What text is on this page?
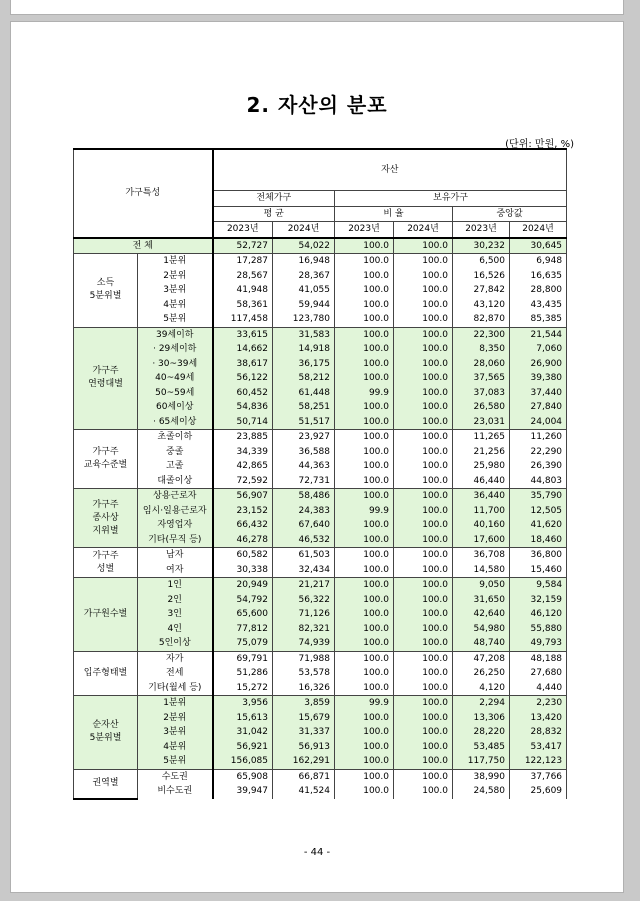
2. 자산의 분포
(단위: 만원, %)
가구특성		자산					
		전체가구		보유가구			
		평 균		비 율		중앙값	
		2023년	2024년	2023년	2024년	2023년	2024년
전 체		52,727	54,022	100.0	100.0	30,232	30,645
소득
5분위별	1분위	17,287	16,948	100.0	100.0	6,500	6,948
	2분위	28,567	28,367	100.0	100.0	16,526	16,635
	3분위	41,948	41,055	100.0	100.0	27,842	28,800
	4분위	58,361	59,944	100.0	100.0	43,120	43,435
	5분위	117,458	123,780	100.0	100.0	82,870	85,385
가구주
연령대별	39세이하	33,615	31,583	100.0	100.0	22,300	21,544
	· 29세이하	14,662	14,918	100.0	100.0	8,350	7,060
	· 30~39세	38,617	36,175	100.0	100.0	28,060	26,900
	40~49세	56,122	58,212	100.0	100.0	37,565	39,380
	50~59세	60,452	61,448	99.9	100.0	37,083	37,440
	60세이상	54,836	58,251	100.0	100.0	26,580	27,840
	· 65세이상	50,714	51,517	100.0	100.0	23,031	24,004
가구주
교육수준별	초졸이하	23,885	23,927	100.0	100.0	11,265	11,260
	중졸	34,339	36,588	100.0	100.0	21,256	22,290
	고졸	42,865	44,363	100.0	100.0	25,980	26,390
	대졸이상	72,592	72,731	100.0	100.0	46,440	44,803
가구주
종사상
지위별	상용근로자	56,907	58,486	100.0	100.0	36,440	35,790
	임시·일용근로자	23,152	24,383	99.9	100.0	11,700	12,505
	자영업자	66,432	67,640	100.0	100.0	40,160	41,620
	기타(무직 등)	46,278	46,532	100.0	100.0	17,600	18,460
가구주
성별	남자	60,582	61,503	100.0	100.0	36,708	36,800
	여자	30,338	32,434	100.0	100.0	14,580	15,460
가구원수별	1인	20,949	21,217	100.0	100.0	9,050	9,584
	2인	54,792	56,322	100.0	100.0	31,650	32,159
	3인	65,600	71,126	100.0	100.0	42,640	46,120
	4인	77,812	82,321	100.0	100.0	54,980	55,880
	5인이상	75,079	74,939	100.0	100.0	48,740	49,793
입주형태별	자가	69,791	71,988	100.0	100.0	47,208	48,188
	전세	51,286	53,578	100.0	100.0	26,250	27,680
	기타(월세 등)	15,272	16,326	100.0	100.0	4,120	4,440
순자산
5분위별	1분위	3,956	3,859	99.9	100.0	2,294	2,230
	2분위	15,613	15,679	100.0	100.0	13,306	13,420
	3분위	31,042	31,337	100.0	100.0	28,220	28,832
	4분위	56,921	56,913	100.0	100.0	53,485	53,417
	5분위	156,085	162,291	100.0	100.0	117,750	122,123
권역별	수도권	65,908	66,871	100.0	100.0	38,990	37,766
	비수도권	39,947	41,524	100.0	100.0	24,580	25,609
- 44 -
